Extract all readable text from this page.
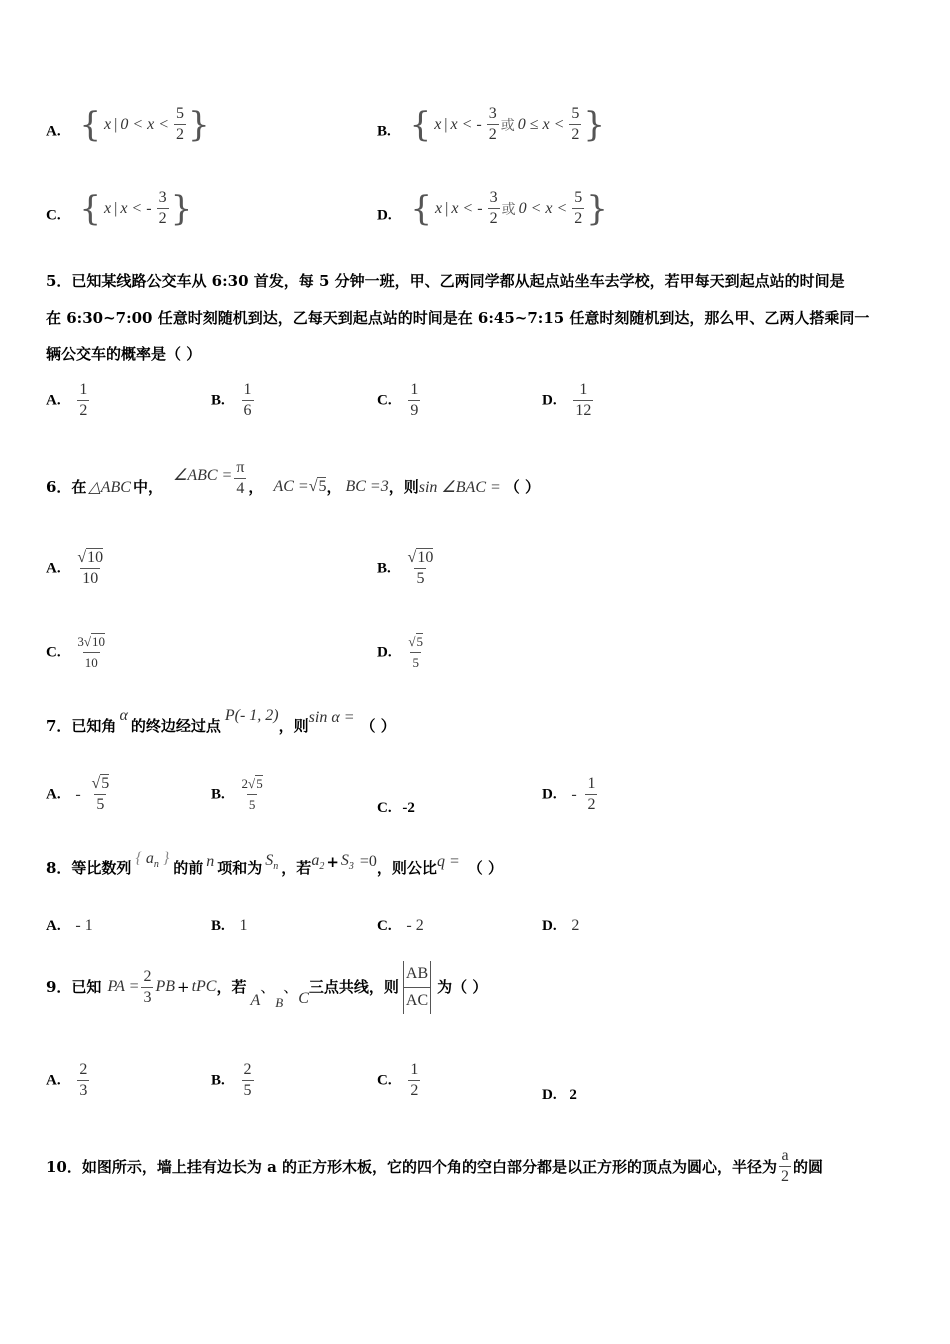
A. { x | $0 < x < \frac{5}{2}$ }	B. { x | x < - $\frac{3}{2}$ 或 $0 \le x < \frac{5}{2}$ }
C. { x | x < - $\frac{3}{2}$ }	D. { x | x < - $\frac{3}{2}$ 或 $0 < x < \frac{5}{2}$ }
5．已知某线路公交车从 6:30 首发，每 5 分钟一班，甲、乙两同学都从起点站坐车去学校，若甲每天到起点站的时间是
在 6:30~7:00 任意时刻随机到达，乙每天到起点站的时间是在 6:45~7:15 任意时刻随机到达，那么甲、乙两人搭乘同一
辆公交车的概率是（ ）
A. $\frac{1}{2}$	B. $\frac{1}{6}$	C. $\frac{1}{9}$	D. $\frac{1}{12}$
6．在 △ABC 中，
∠ABC = $\frac{\pi}{4}$ ， AC = √5 ， BC =3 ，则 sin ∠BAC = （ ）
A. $\frac{√10}{10}$	B. $\frac{√10}{5}$
C. $\frac{3√10}{10}$	D. $\frac{√5}{5}$
7．已知角
α
的终边经过点
P(- 1, 2)
，则 sin α = （ ）
A. - $\frac{√5}{5}$	B. $\frac{2√5}{5}$	C. -2
D. - $\frac{1}{2}$
8．等比数列
{ $a_n$ }
的前 n 项和为 $S_n$ ，若 $a_2 + S_3 =0$ ，则公比 q = （ ）
A. - 1	B. 1	C. - 2	D. 2
9．已知 PA = $\frac{2}{3}$ PB + tPC ，若
A
、
B
、
C
三点共线，则 $\frac{AB}{AC}$ 为（ ）
A. $\frac{2}{3}$	B. $\frac{2}{5}$	C. $\frac{1}{2}$	D. 2
10．如图所示，墙上挂有边长为 a 的正方形木板，它的四个角的空白部分都是以正方形的顶点为圆心，半径为 $\frac{a}{2}$ 的圆
